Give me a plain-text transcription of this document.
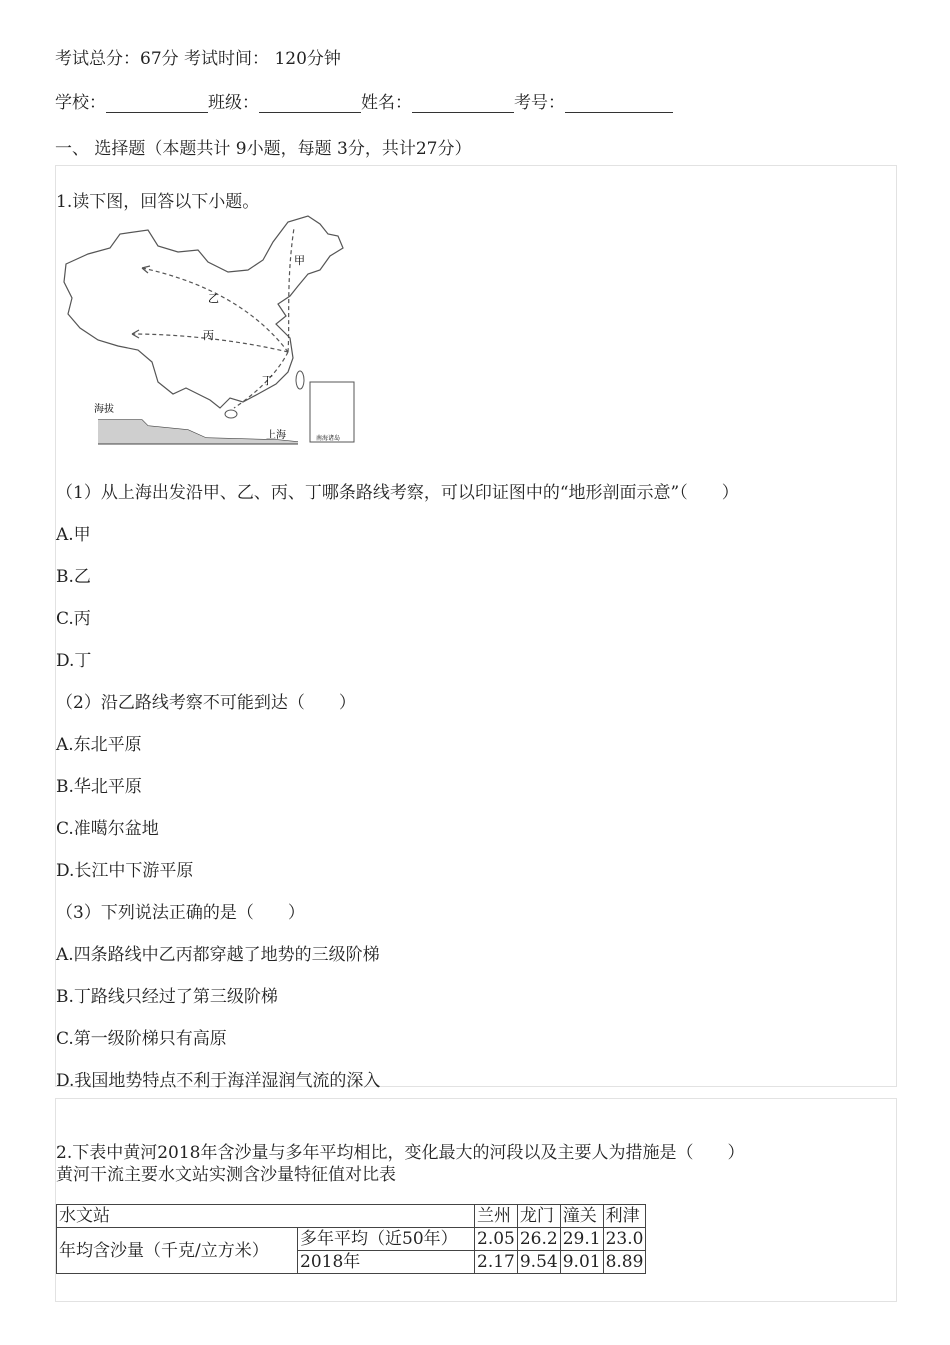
考试总分：67分 考试时间： 120分钟
学校：	班级：	姓名：	考号：
一、 选择题（本题共计 9小题，每题 3分，共计27分）
1.读下图，回答以下小题。
甲
乙
丙
丁
南海诸岛
海拔
上海
（1）从上海出发沿甲、乙、丙、丁哪条路线考察，可以印证图中的“地形剖面示意”（　　）
A.甲
B.乙
C.丙
D.丁
（2）沿乙路线考察不可能到达（　　）
A.东北平原
B.华北平原
C.准噶尔盆地
D.长江中下游平原
（3）下列说法正确的是（　　）
A.四条路线中乙丙都穿越了地势的三级阶梯
B.丁路线只经过了第三级阶梯
C.第一级阶梯只有高原
D.我国地势特点不利于海洋湿润气流的深入
2.下表中黄河2018年含沙量与多年平均相比，变化最大的河段以及主要人为措施是（　　）
黄河干流主要水文站实测含沙量特征值对比表
水文站		兰州	龙门	潼关	利津
年均含沙量（千克/立方米）	多年平均（近50年）	2.05	26.2	29.1	23.0
	2018年	2.17	9.54	9.01	8.89
